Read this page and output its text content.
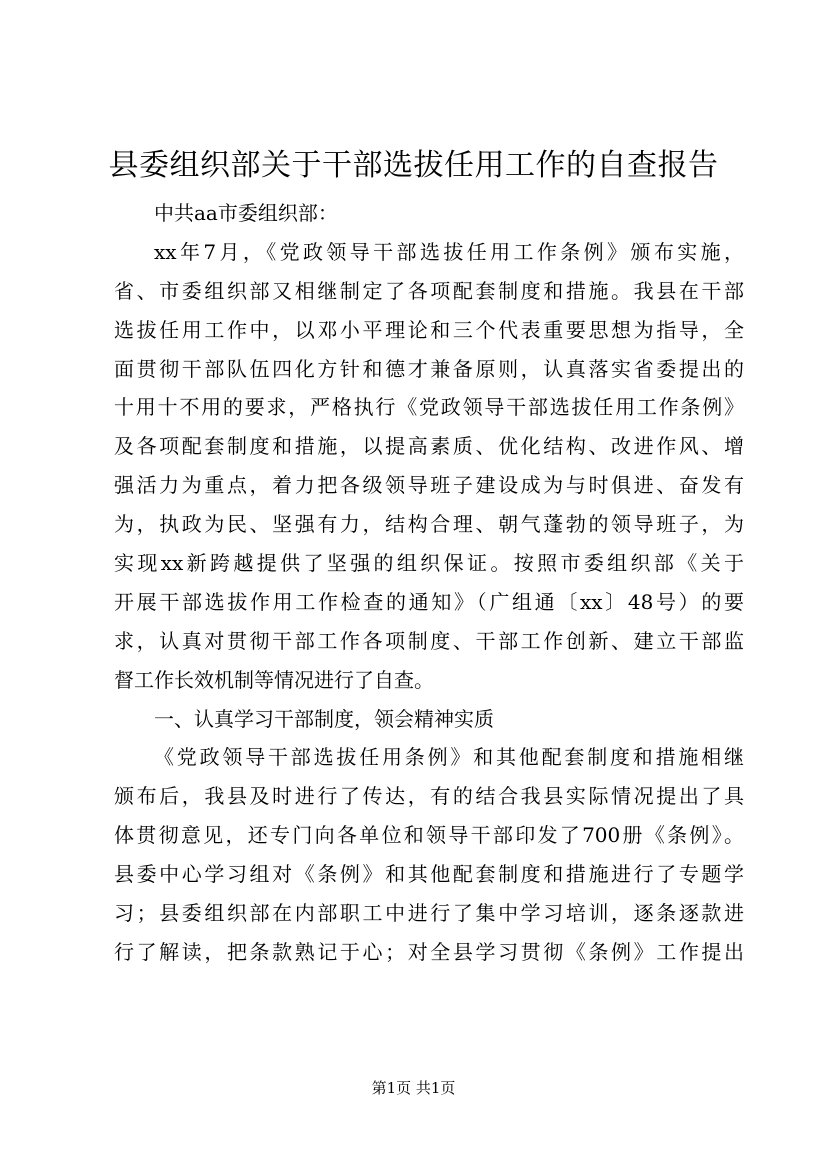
县委组织部关于干部选拔任用工作的自查报告
中共aa市委组织部：
xx年7月，《党政领导干部选拔任用工作条例》颁布实施，
省、市委组织部又相继制定了各项配套制度和措施。我县在干部
选拔任用工作中，以邓小平理论和三个代表重要思想为指导，全
面贯彻干部队伍四化方针和德才兼备原则，认真落实省委提出的
十用十不用的要求，严格执行《党政领导干部选拔任用工作条例》
及各项配套制度和措施，以提高素质、优化结构、改进作风、增
强活力为重点，着力把各级领导班子建设成为与时俱进、奋发有
为，执政为民、坚强有力，结构合理、朝气蓬勃的领导班子，为
实现xx新跨越提供了坚强的组织保证。按照市委组织部《关于
开展干部选拔作用工作检查的通知》（广组通〔xx〕48号）的要
求，认真对贯彻干部工作各项制度、干部工作创新、建立干部监
督工作长效机制等情况进行了自查。
一、认真学习干部制度，领会精神实质
《党政领导干部选拔任用条例》和其他配套制度和措施相继
颁布后，我县及时进行了传达，有的结合我县实际情况提出了具
体贯彻意见，还专门向各单位和领导干部印发了700册《条例》。
县委中心学习组对《条例》和其他配套制度和措施进行了专题学
习；县委组织部在内部职工中进行了集中学习培训，逐条逐款进
行了解读，把条款熟记于心；对全县学习贯彻《条例》工作提出
第1页 共1页
